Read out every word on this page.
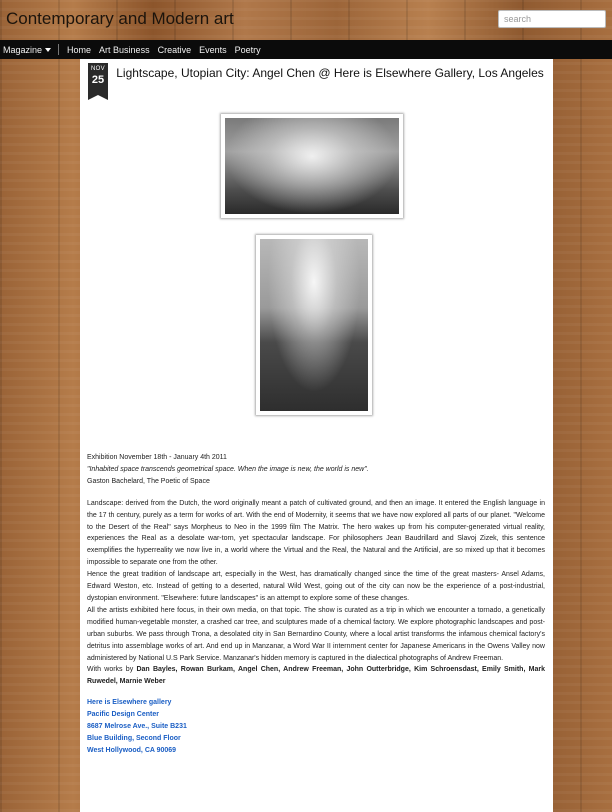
Contemporary and Modern art
search
Magazine	Home Art Business Creative Events Poetry
NOV
25	Lightscape, Utopian City: Angel Chen @ Here is Elsewhere Gallery, Los Angeles
Exhibition November 18th - January 4th 2011
"Inhabited space transcends geometrical space. When the image is new, the world is new".
Gaston Bachelard, The Poetic of Space

Landscape: derived from the Dutch, the word originally meant a patch of cultivated ground, and then an image. It entered the English language in the 17 th century, purely as a term for works of art. With the end of Modernity, it seems that we have now explored all parts of our planet. "Welcome to the Desert of the Real" says Morpheus to Neo in the 1999 film The Matrix. The hero wakes up from his computer-generated virtual reality, experiences the Real as a desolate war-torn, yet spectacular landscape. For philosophers Jean Baudrillard and Slavoj Zizek, this sentence exemplifies the hyperreality we now live in, a world where the Virtual and the Real, the Natural and the Artificial, are so mixed up that it becomes impossible to separate one from the other.

Hence the great tradition of landscape art, especially in the West, has dramatically changed since the time of the great masters- Ansel Adams, Edward Weston, etc. Instead of getting to a deserted, natural Wild West, going out of the city can now be the experience of a post-industrial, dystopian environment. "Elsewhere: future landscapes" is an attempt to explore some of these changes.

All the artists exhibited here focus, in their own media, on that topic. The show is curated as a trip in which we encounter a tornado, a genetically modified human-vegetable monster, a crashed car tree, and sculptures made of a chemical factory. We explore photographic landscapes and post-urban suburbs. We pass through Trona, a desolated city in San Bernardino County, where a local artist transforms the infamous chemical factory's detritus into assemblage works of art. And end up in Manzanar, a Word War II internment center for Japanese Americans in the Owens Valley now administered by National U.S Park Service. Manzanar's hidden memory is captured in the dialectical photographs of Andrew Freeman.

With works by Dan Bayles, Rowan Burkam, Angel Chen, Andrew Freeman, John Outterbridge, Kim Schroensdast, Emily Smith, Mark Ruwedel, Marnie Weber

Here is Elsewhere gallery
Pacific Design Center
8687 Melrose Ave., Suite B231
Blue Building, Second Floor
West Hollywood, CA 90069
